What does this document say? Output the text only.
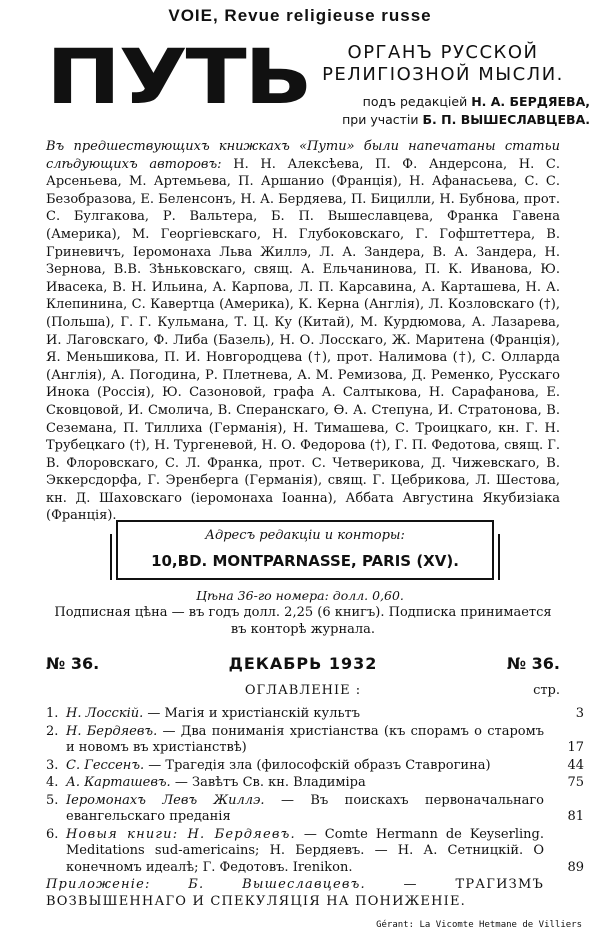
VOIE, Revue religieuse russe
ПУТЬ	ОРГАНЪ РУССКОЙ
РЕЛИГІОЗНОЙ МЫСЛИ.
подъ редакціей Н. А. БЕРДЯЕВА,
при участіи Б. П. ВЫШЕСЛАВЦЕВА.
Въ предшествующихъ книжкахъ «Пути» были напечатаны статьи слѣдующихъ авторовъ: Н. Н. Алексѣева, П. Ф. Андерсона, Н. С. Арсеньева, М. Артемьева, П. Аршанио (Франція), Н. Афанасьева, С. С. Безобразова, Е. Беленсонъ, Н. А. Бердяева, П. Бицилли, Н. Бубнова, прот. С. Булгакова, Р. Вальтера, Б. П. Вышеславцева, Франка Гавена (Америка), М. Георгіевскаго, Н. Глубоковскаго, Г. Гофштеттера, В. Гриневичъ, Іеромонаха Льва Жиллэ, Л. А. Зандера, В. А. Зандера, Н. Зернова, В.В. Зѣньковскаго, свящ. А. Ельчанинова, П. К. Иванова, Ю. Ивасека, В. Н. Ильина, А. Карпова, Л. П. Карсавина, А. Карташева, Н. А. Клепинина, С. Кавертца (Америка), К. Керна (Англія), Л. Козловскаго (†), (Польша), Г. Г. Кульмана, Т. Ц. Ку (Китай), М. Курдюмова, А. Лазарева, И. Лаговскаго, Ф. Либа (Базель), Н. О. Лосскаго, Ж. Маритена (Франція), Я. Меньшикова, П. И. Новгородцева (†), прот. Налимова (†), С. Олларда (Англія), А. Погодина, Р. Плетнева, А. М. Ремизова, Д. Ременко, Русскаго Инока (Россія), Ю. Сазоновой, графа А. Салтыкова, Н. Сарафанова, Е. Сковцовой, И. Смолича, В. Сперанскаго, Ѳ. А. Степуна, И. Стратонова, В. Сеземана, П. Тиллиха (Германія), Н. Тимашева, С. Троицкаго, кн. Г. Н. Трубецкаго (†), Н. Тургеневой, Н. О. Федорова (†), Г. П. Федотова, свящ. Г. В. Флоровскаго, С. Л. Франка, прот. С. Четверикова, Д. Чижевскаго, В. Эккерсдорфа, Г. Эренберга (Германія), свящ. Г. Цебрикова, Л. Шестова, кн. Д. Шаховскаго (іеромонаха Іоанна), Аббата Августина Якубизіака (Франція).
Адресъ редакціи и конторы:
10,BD. MONTPARNASSE, PARIS (XV).
Цѣна 36-го номера: долл. 0,60.
Подписная цѣна — въ годъ долл. 2,25 (6 книгъ). Подписка принимается въ конторѣ журнала.
№ 36.	ДЕКАБРЬ 1932	№ 36.
ОГЛАВЛЕНІЕ :	стр.
1. Н. Лосскій. — Магія и христіанскій культъ	3
2. Н. Бердяевъ. — Два пониманія христіанства (къ спорамъ о старомъ и новомъ въ христіанствѣ)	17
3. С. Гессенъ. — Трагедія зла (философскій образъ Ставрогина)	44
4. А. Карташевъ. — Завѣтъ Св. кн. Владиміра	75
5. Іеромонахъ Левъ Жиллэ. — Въ поискахъ первоначальнаго евангельскаго преданія	81
6. Новыя книги: Н. Бердяевъ. — Comte Hermann de Keyserling. Meditations sud-americains; Н. Бердяевъ. — Н. А. Сетницкій. О конечномъ идеалѣ; Г. Федотовъ. Irenikon.	89
Приложеніе: Б. Вышеславцевъ. — ТРАГИЗМЪ ВОЗВЫШЕННАГО И СПЕКУЛЯЦІЯ НА ПОНИЖЕНІЕ.
Gérant: La Vicomte Hetmane de Villiers
